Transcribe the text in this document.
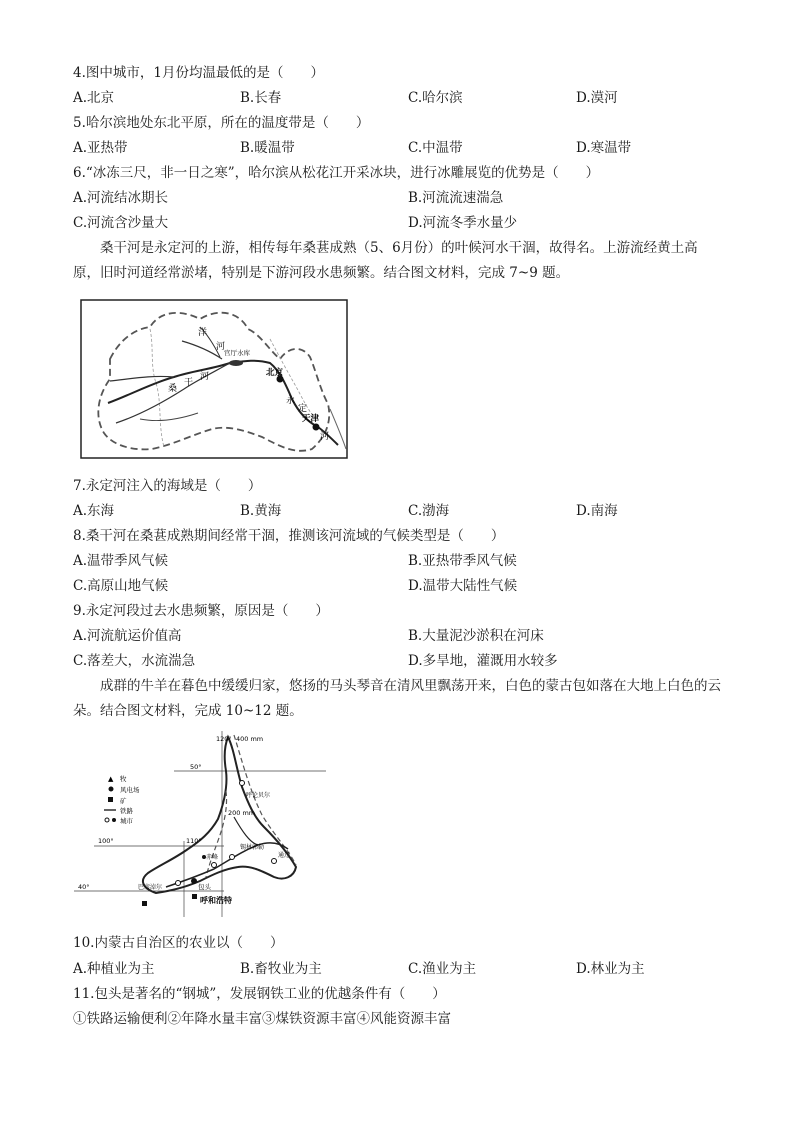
4.图中城市，1月份均温最低的是（　　）
A.北京	B.长春	C.哈尔滨	D.漠河
5.哈尔滨地处东北平原，所在的温度带是（　　）
A.亚热带	B.暖温带	C.中温带	D.寒温带
6.“冰冻三尺，非一日之寒”，哈尔滨从松花江开采冰块，进行冰雕展览的优势是（　　）
A.河流结冰期长	B.河流流速湍急
C.河流含沙量大	D.河流冬季水量少
桑干河是永定河的上游，相传每年桑葚成熟（5、6月份）的叶候河水干涸，故得名。上游流经黄土高原，旧时河道经常淤堵，特别是下游河段水患频繁。结合图文材料，完成 7~9 题。
北京
天津
官厅水库
桑
干
河
洋
河
永
定
河
7.永定河注入的海域是（　　）
A.东海	B.黄海	C.渤海	D.南海
8.桑干河在桑葚成熟期间经常干涸，推测该河流域的气候类型是（　　）
A.温带季风气候	B.亚热带季风气候
C.高原山地气候	D.温带大陆性气候
9.永定河段过去水患频繁，原因是（　　）
A.河流航运价值高	B.大量泥沙淤积在河床
C.落差大，水流湍急	D.多旱地，灌溉用水较多
成群的牛羊在暮色中缓缓归家，悠扬的马头琴音在清风里飘荡开来，白色的蒙古包如落在大地上白色的云朵。结合图文材料，完成 10~12 题。
▲ 牧
风电场
矿
铁路
城市
120° 400 mm
50°
呼伦贝尔
200 mm
100°	110°
锡林郭勒
赤峰	通辽
巴彦淖尔	包头
呼和浩特
40°
10.内蒙古自治区的农业以（　　）
A.种植业为主	B.畜牧业为主	C.渔业为主	D.林业为主
11.包头是著名的“钢城”，发展钢铁工业的优越条件有（　　）
①铁路运输便利②年降水量丰富③煤铁资源丰富④风能资源丰富
